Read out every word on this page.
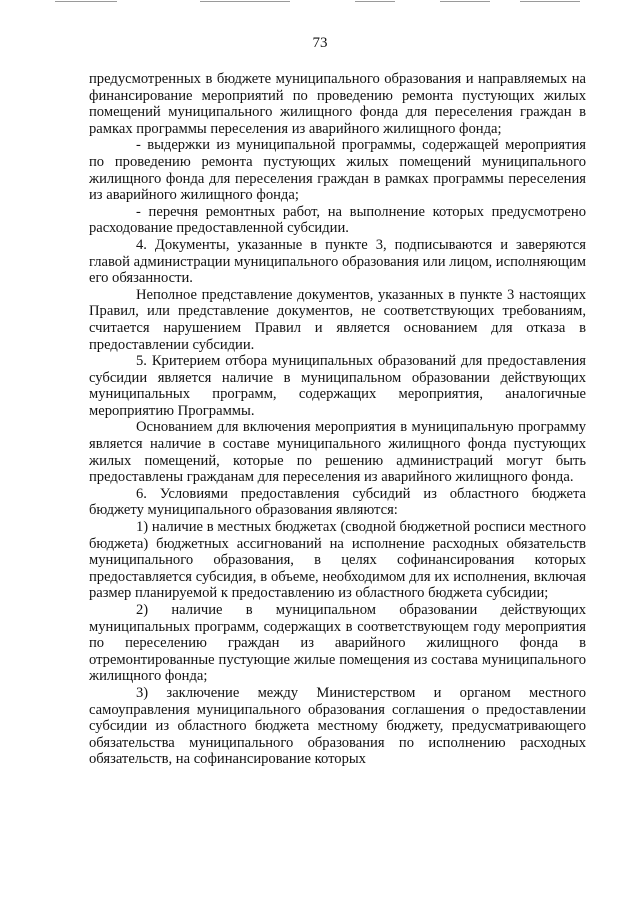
73

предусмотренных в бюджете муниципального образования и направляемых на финансирование мероприятий по проведению ремонта пустующих жилых помещений муниципального жилищного фонда для переселения граждан в рамках программы переселения из аварийного жилищного фонда;

- выдержки из муниципальной программы, содержащей мероприятия по проведению ремонта пустующих жилых помещений муниципального жилищного фонда для переселения граждан в рамках программы переселения из аварийного жилищного фонда;

- перечня ремонтных работ, на выполнение которых предусмотрено расходование предоставленной субсидии.

4. Документы, указанные в пункте 3, подписываются и заверяются главой администрации муниципального образования или лицом, исполняющим его обязанности.

Неполное представление документов, указанных в пункте 3 настоящих Правил, или представление документов, не соответствующих требованиям, считается нарушением Правил и является основанием для отказа в предоставлении субсидии.

5. Критерием отбора муниципальных образований для предоставления субсидии является наличие в муниципальном образовании действующих муниципальных программ, содержащих мероприятия, аналогичные мероприятию Программы.

Основанием для включения мероприятия в муниципальную программу является наличие в составе муниципального жилищного фонда пустующих жилых помещений, которые по решению администраций могут быть предоставлены гражданам для переселения из аварийного жилищного фонда.

6. Условиями предоставления субсидий из областного бюджета бюджету муниципального образования являются:

1) наличие в местных бюджетах (сводной бюджетной росписи местного бюджета) бюджетных ассигнований на исполнение расходных обязательств муниципального образования, в целях софинансирования которых предоставляется субсидия, в объеме, необходимом для их исполнения, включая размер планируемой к предоставлению из областного бюджета субсидии;

2) наличие в муниципальном образовании действующих муниципальных программ, содержащих в соответствующем году мероприятия по переселению граждан из аварийного жилищного фонда в отремонтированные пустующие жилые помещения из состава муниципального жилищного фонда;

3) заключение между Министерством и органом местного самоуправления муниципального образования соглашения о предоставлении субсидии из областного бюджета местному бюджету, предусматривающего обязательства муниципального образования по исполнению расходных обязательств, на софинансирование которых
